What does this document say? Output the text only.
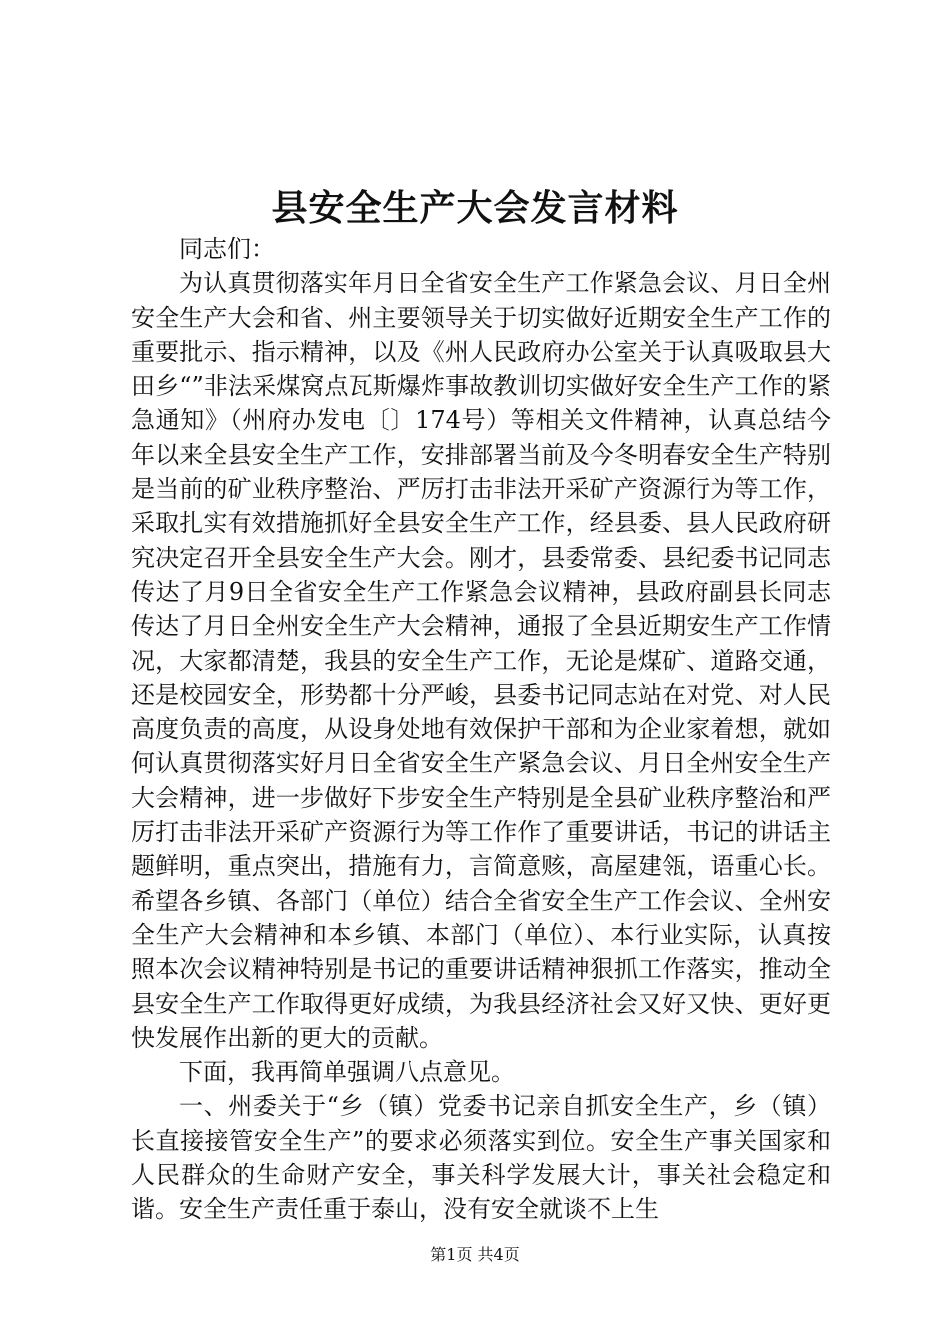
县安全生产大会发言材料

同志们：

为认真贯彻落实年月日全省安全生产工作紧急会议、月日全州安全生产大会和省、州主要领导关于切实做好近期安全生产工作的重要批示、指示精神，以及《州人民政府办公室关于认真吸取县大田乡“”非法采煤窝点瓦斯爆炸事故教训切实做好安全生产工作的紧急通知》（州府办发电〔〕174号）等相关文件精神，认真总结今年以来全县安全生产工作，安排部署当前及今冬明春安全生产特别是当前的矿业秩序整治、严厉打击非法开采矿产资源行为等工作，采取扎实有效措施抓好全县安全生产工作，经县委、县人民政府研究决定召开全县安全生产大会。刚才，县委常委、县纪委书记同志传达了月9日全省安全生产工作紧急会议精神，县政府副县长同志传达了月日全州安全生产大会精神，通报了全县近期安生产工作情况，大家都清楚，我县的安全生产工作，无论是煤矿、道路交通，还是校园安全，形势都十分严峻，县委书记同志站在对党、对人民高度负责的高度，从设身处地有效保护干部和为企业家着想，就如何认真贯彻落实好月日全省安全生产紧急会议、月日全州安全生产大会精神，进一步做好下步安全生产特别是全县矿业秩序整治和严厉打击非法开采矿产资源行为等工作作了重要讲话，书记的讲话主题鲜明，重点突出，措施有力，言简意赅，高屋建瓴，语重心长。希望各乡镇、各部门（单位）结合全省安全生产工作会议、全州安全生产大会精神和本乡镇、本部门（单位）、本行业实际，认真按照本次会议精神特别是书记的重要讲话精神狠抓工作落实，推动全县安全生产工作取得更好成绩，为我县经济社会又好又快、更好更快发展作出新的更大的贡献。

下面，我再简单强调八点意见。

一、州委关于“乡（镇）党委书记亲自抓安全生产，乡（镇）长直接接管安全生产”的要求必须落实到位。安全生产事关国家和人民群众的生命财产安全，事关科学发展大计，事关社会稳定和谐。安全生产责任重于泰山，没有安全就谈不上生

第1页 共4页
